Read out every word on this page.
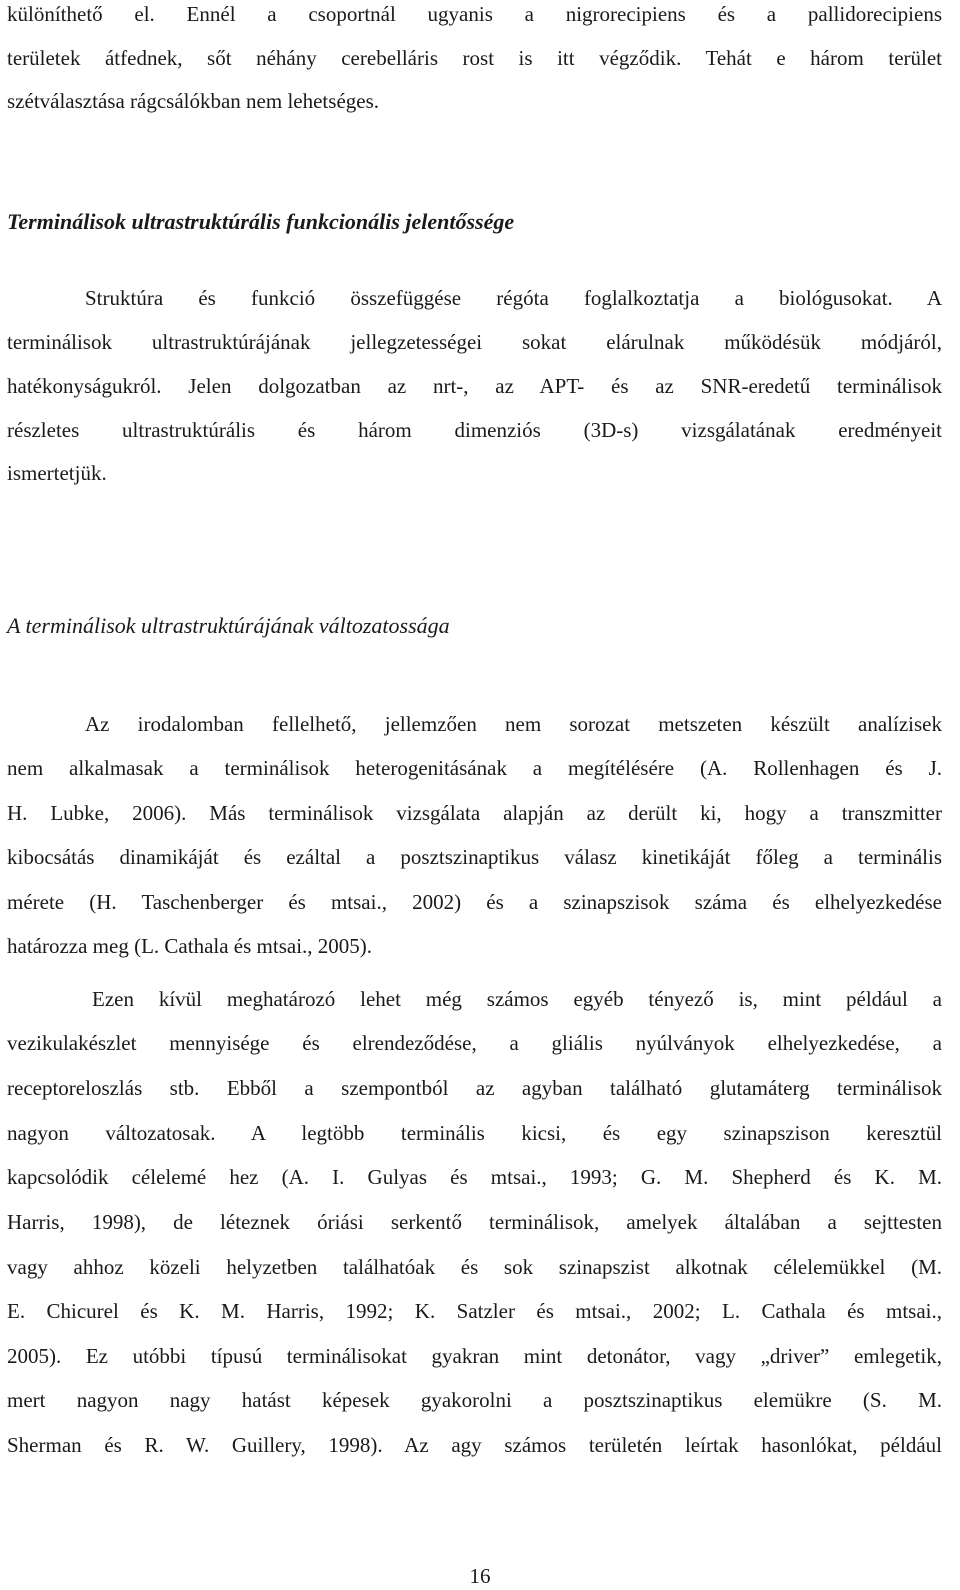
különíthető el. Ennél a csoportnál ugyanis a nigrorecipiens és a pallidorecipiens
területek átfednek, sőt néhány cerebelláris rost is itt végződik. Tehát e három terület
szétválasztása rágcsálókban nem lehetséges.
Terminálisok ultrastruktúrális funkcionális jelentőssége
Struktúra és funkció összefüggése régóta foglalkoztatja a biológusokat. A
terminálisok ultrastruktúrájának jellegzetességei sokat elárulnak működésük módjáról,
hatékonyságukról. Jelen dolgozatban az nrt-, az APT- és az SNR-eredetű terminálisok
részletes ultrastruktúrális és három dimenziós (3D-s) vizsgálatának eredményeit
ismertetjük.
A terminálisok ultrastruktúrájának változatossága
Az irodalomban fellelhető, jellemzően nem sorozat metszeten készült analízisek
nem alkalmasak a terminálisok heterogenitásának a megítélésére (A. Rollenhagen és J.
H. Lubke, 2006). Más terminálisok vizsgálata alapján az derült ki, hogy a transzmitter
kibocsátás dinamikáját és ezáltal a posztszinaptikus válasz kinetikáját főleg a terminális
mérete (H. Taschenberger és mtsai., 2002) és a szinapszisok száma és elhelyezkedése
határozza meg (L. Cathala és mtsai., 2005).
Ezen kívül meghatározó lehet még számos egyéb tényező is, mint például a
vezikulakészlet mennyisége és elrendeződése, a gliális nyúlványok elhelyezkedése, a
receptoreloszlás stb. Ebből a szempontból az agyban található glutamáterg terminálisok
nagyon változatosak. A legtöbb terminális kicsi, és egy szinapszison keresztül
kapcsolódik célelemé hez (A. I. Gulyas és mtsai., 1993; G. M. Shepherd és K. M.
Harris, 1998), de léteznek óriási serkentő terminálisok, amelyek általában a sejttesten
vagy ahhoz közeli helyzetben találhatóak és sok szinapszist alkotnak célelemükkel (M.
E. Chicurel és K. M. Harris, 1992; K. Satzler és mtsai., 2002; L. Cathala és mtsai.,
2005). Ez utóbbi típusú terminálisokat gyakran mint detonátor, vagy „driver” emlegetik,
mert nagyon nagy hatást képesek gyakorolni a posztszinaptikus elemükre (S. M.
Sherman és R. W. Guillery, 1998). Az agy számos területén leírtak hasonlókat, például
16
